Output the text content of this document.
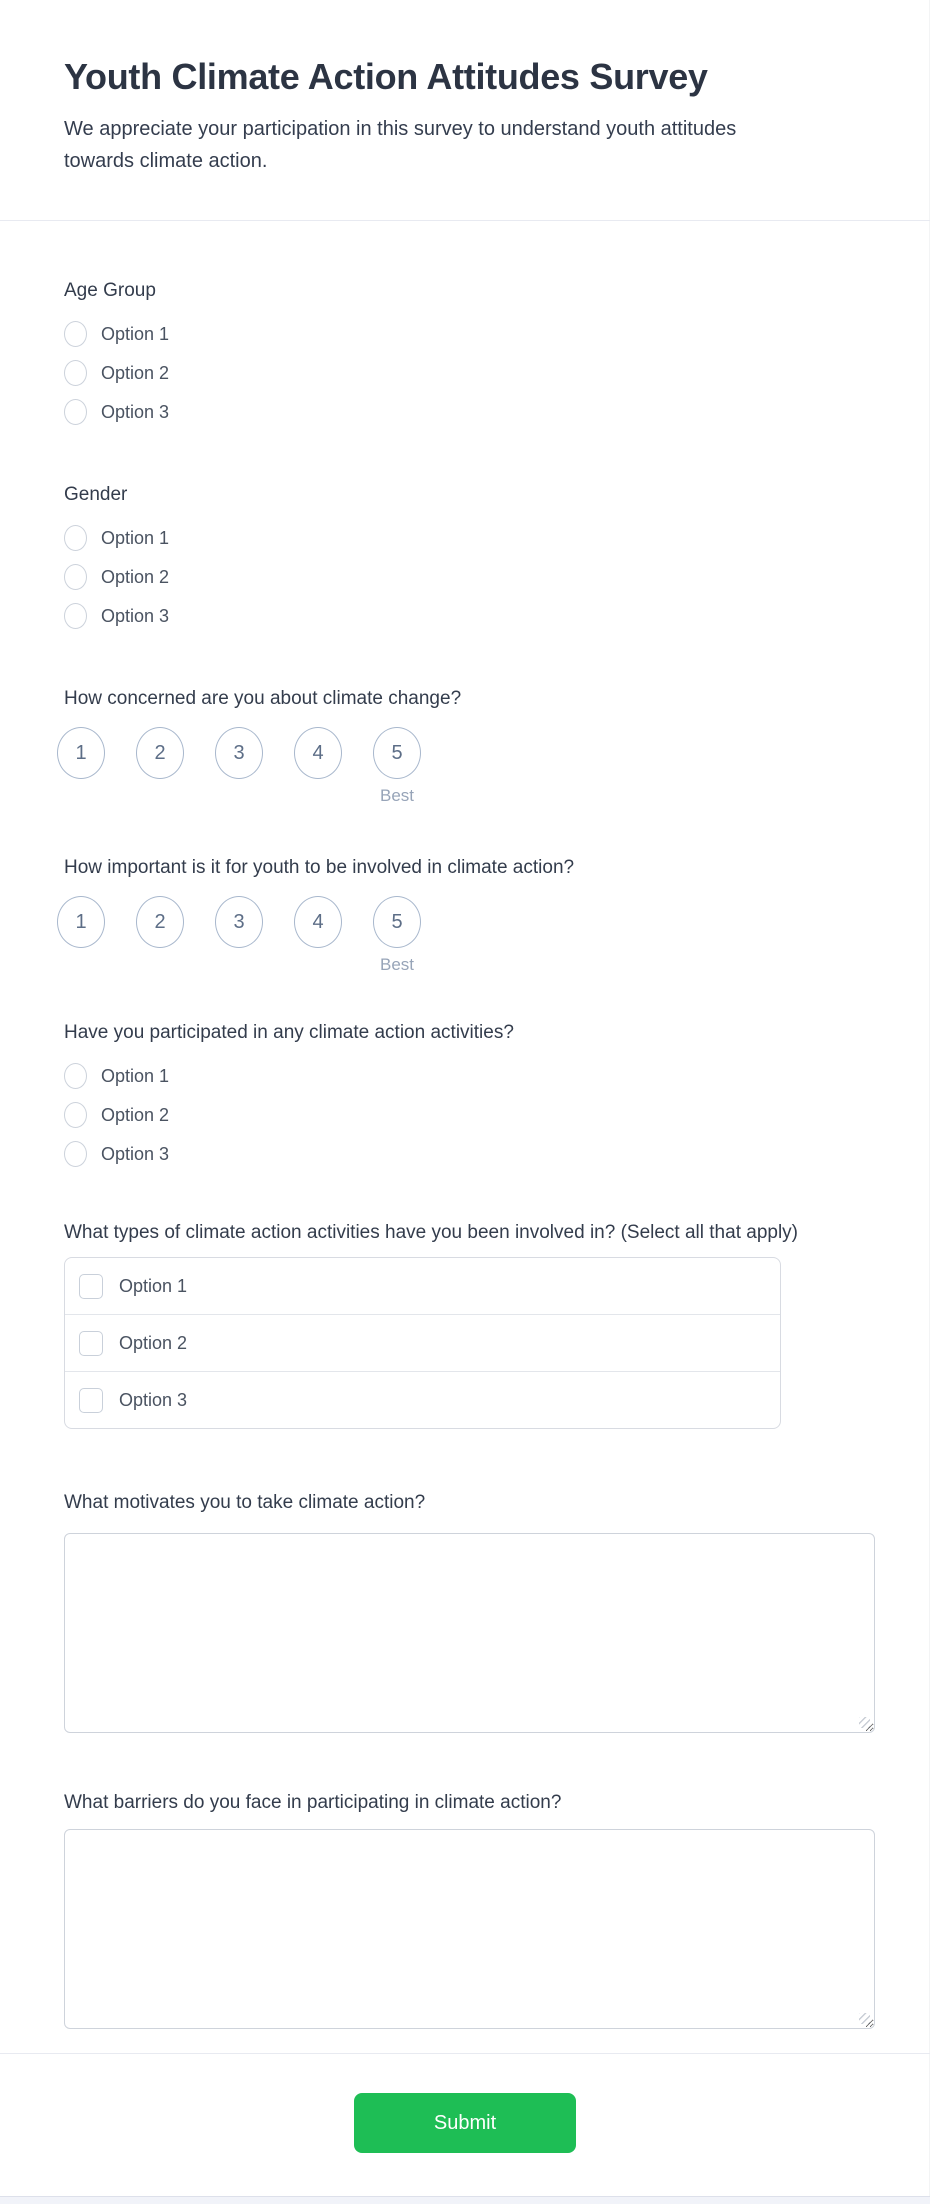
Youth Climate Action Attitudes Survey

We appreciate your participation in this survey to understand youth attitudes towards climate action.

Age Group
Option 1
Option 2
Option 3
Gender
Option 1
Option 2
Option 3
How concerned are you about climate change?
1	2	3	4	5
Best
How important is it for youth to be involved in climate action?
1	2	3	4	5
Best
Have you participated in any climate action activities?
Option 1
Option 2
Option 3
What types of climate action activities have you been involved in? (Select all that apply)
Option 1
Option 2
Option 3
What motivates you to take climate action?
What barriers do you face in participating in climate action?
Submit
